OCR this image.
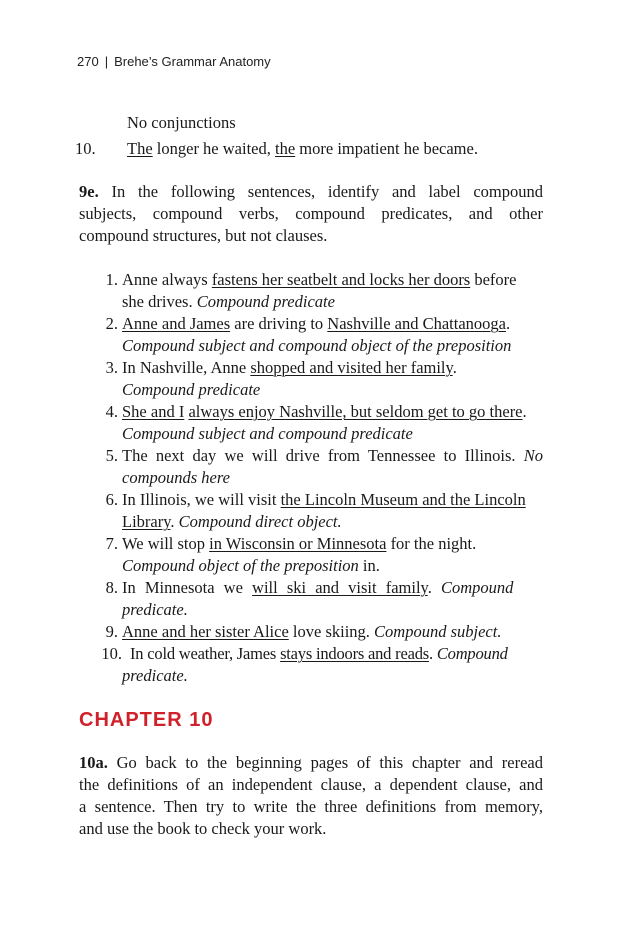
270 | Brehe’s Grammar Anatomy
No conjunctions
10.	The longer he waited, the more impatient he became.
9e. In the following sentences, identify and label compound
subjects, compound verbs, compound predicates, and other
compound structures, but not clauses.
1. Anne always fastens her seatbelt and locks her doors before
she drives. Compound predicate
2. Anne and James are driving to Nashville and Chattanooga.
Compound subject and compound object of the preposition
3. In Nashville, Anne shopped and visited her family.
Compound predicate
4. She and I always enjoy Nashville, but seldom get to go there.
Compound subject and compound predicate
5. The next day we will drive from Tennessee to Illinois. No
compounds here
6. In Illinois, we will visit the Lincoln Museum and the Lincoln
Library. Compound direct object.
7. We will stop in Wisconsin or Minnesota for the night.
Compound object of the preposition in.
8. In Minnesota we will ski and visit family. Compound
predicate.
9. Anne and her sister Alice love skiing. Compound subject.
10. In cold weather, James stays indoors and reads. Compound
predicate.
CHAPTER 10
10a. Go back to the beginning pages of this chapter and reread
the definitions of an independent clause, a dependent clause, and
a sentence. Then try to write the three definitions from memory,
and use the book to check your work.
